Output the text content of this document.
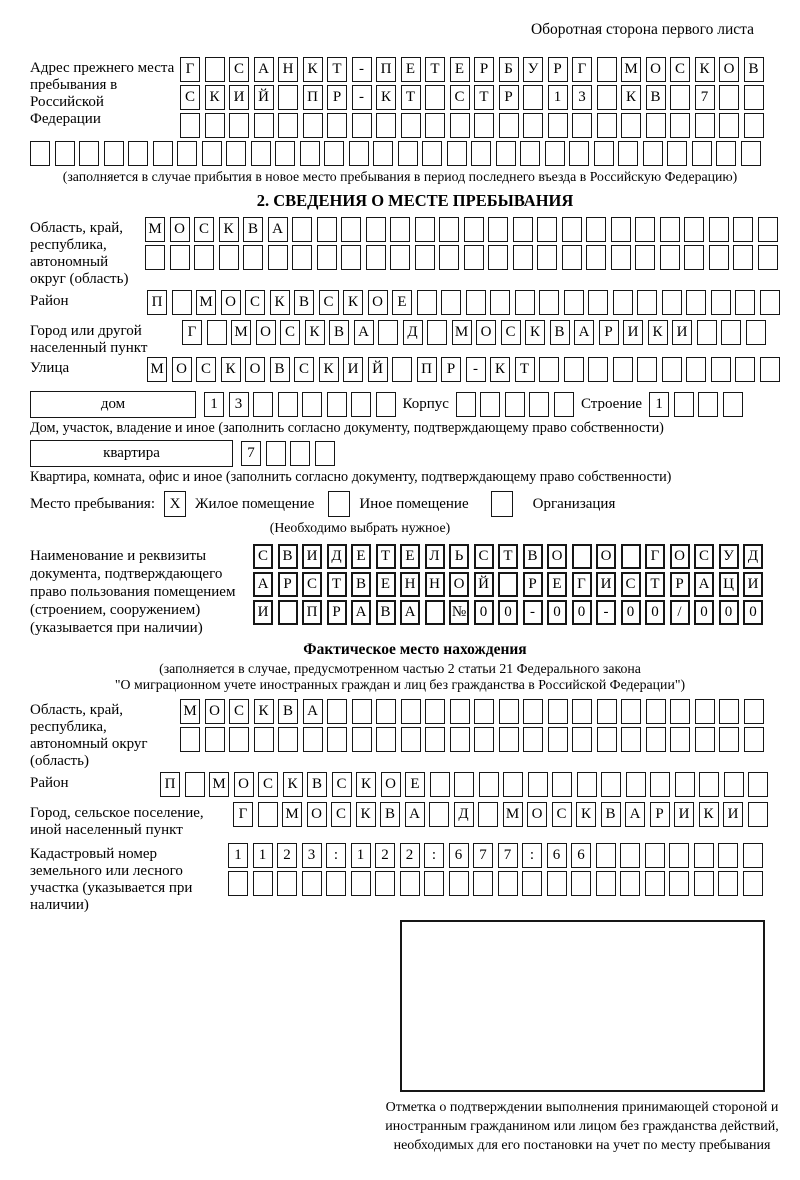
Оборотная сторона первого листа
Адрес прежнего места пребывания в Российской Федерации
Г	С А Н К Т	-	П Е	Т	Е	Р	Б У	Р	Г	М О С К О В
С К И Й	П Р	-	К Т	С Т	Р	1	3	К В	7
(заполняется в случае прибытия в новое место пребывания в период последнего въезда в Российскую Федерацию)
2. СВЕДЕНИЯ О МЕСТЕ ПРЕБЫВАНИЯ
Область, край, республика, автономный округ (область)
М О С К В А
Район	П	М О С К В С К О Е
Город или другой населенный пункт
Г	М О С К В А	Д	М О С К В А Р И К И
Улица	М О С К О В С К И Й	П Р	-	К Т
дом	1	3	Корпус	Строение 1
Дом, участок, владение и иное (заполнить согласно документу, подтверждающему право собственности)
квартира	7
Квартира, комната, офис и иное (заполнить согласно документу, подтверждающему право собственности)
Место пребывания: X Жилое помещение	Иное помещение	Организация
(Необходимо выбрать нужное)
Наименование и реквизиты документа, подтверждающего право пользования помещением (строением, сооружением) (указывается при наличии)
С В И Д Е	Т	Е Л	Ь	С Т В О	О	Г О С У Д
А Р	С Т В Е Н Н О Й	Р	Е	Г И С Т	Р А Ц И
И	П Р А В А	№ 0	0	-	0	0	-	0	0	/	0	0	0
Фактическое место нахождения
(заполняется в случае, предусмотренном частью 2 статьи 21 Федерального закона
"О миграционном учете иностранных граждан и лиц без гражданства в Российской Федерации")
Область, край, республика, автономный округ (область)
М О С К В А
Район	П	М О С К В С К О Е
Город, сельское поселение, иной населенный пункт
Г	М О С К В А	Д	М О С К В А Р И К И
Кадастровый номер земельного или лесного участка (указывается при наличии)
1	1	2	3	:	1	2	2	:	6	7	7	:	6	6
Отметка о подтверждении выполнения принимающей стороной и иностранным гражданином или лицом без гражданства действий, необходимых для его постановки на учет по месту пребывания
